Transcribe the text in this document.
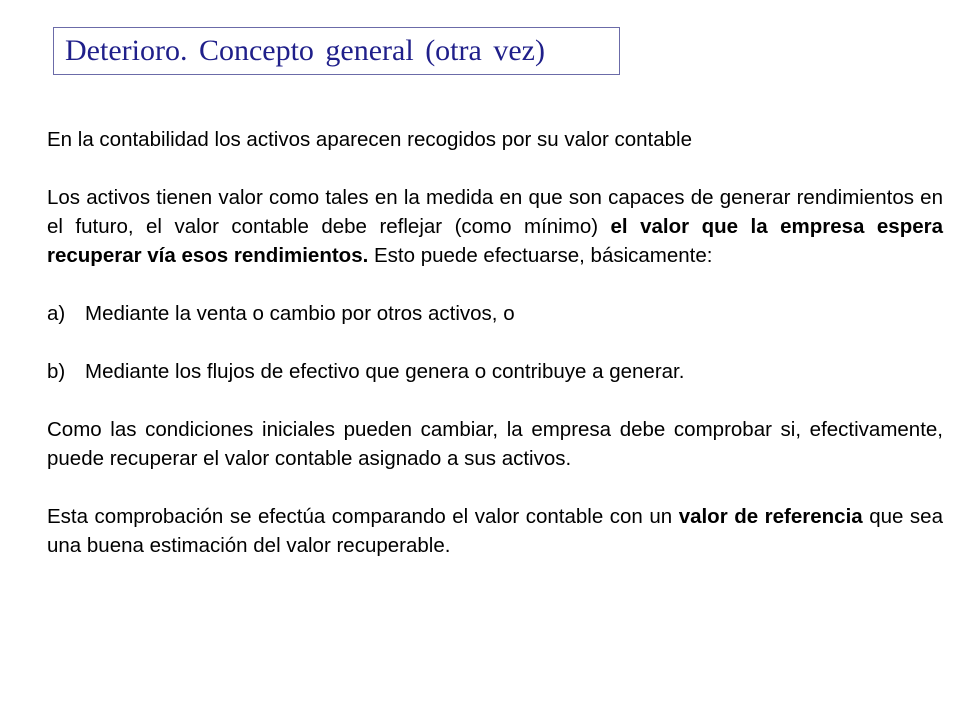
Deterioro. Concepto general (otra vez)

En la contabilidad los activos aparecen recogidos por su valor contable

Los activos tienen valor como tales en la medida en que son capaces de generar rendimientos en el futuro, el valor contable debe reflejar (como mínimo) el valor que la empresa espera recuperar vía esos rendimientos. Esto puede efectuarse, básicamente:

a) Mediante la venta o cambio por otros activos, o
b) Mediante los flujos de efectivo que genera o contribuye a generar.

Como las condiciones iniciales pueden cambiar, la empresa debe comprobar si, efectivamente, puede recuperar el valor contable asignado a sus activos.

Esta comprobación se efectúa comparando el valor contable con un valor de referencia que sea una buena estimación del valor recuperable.
